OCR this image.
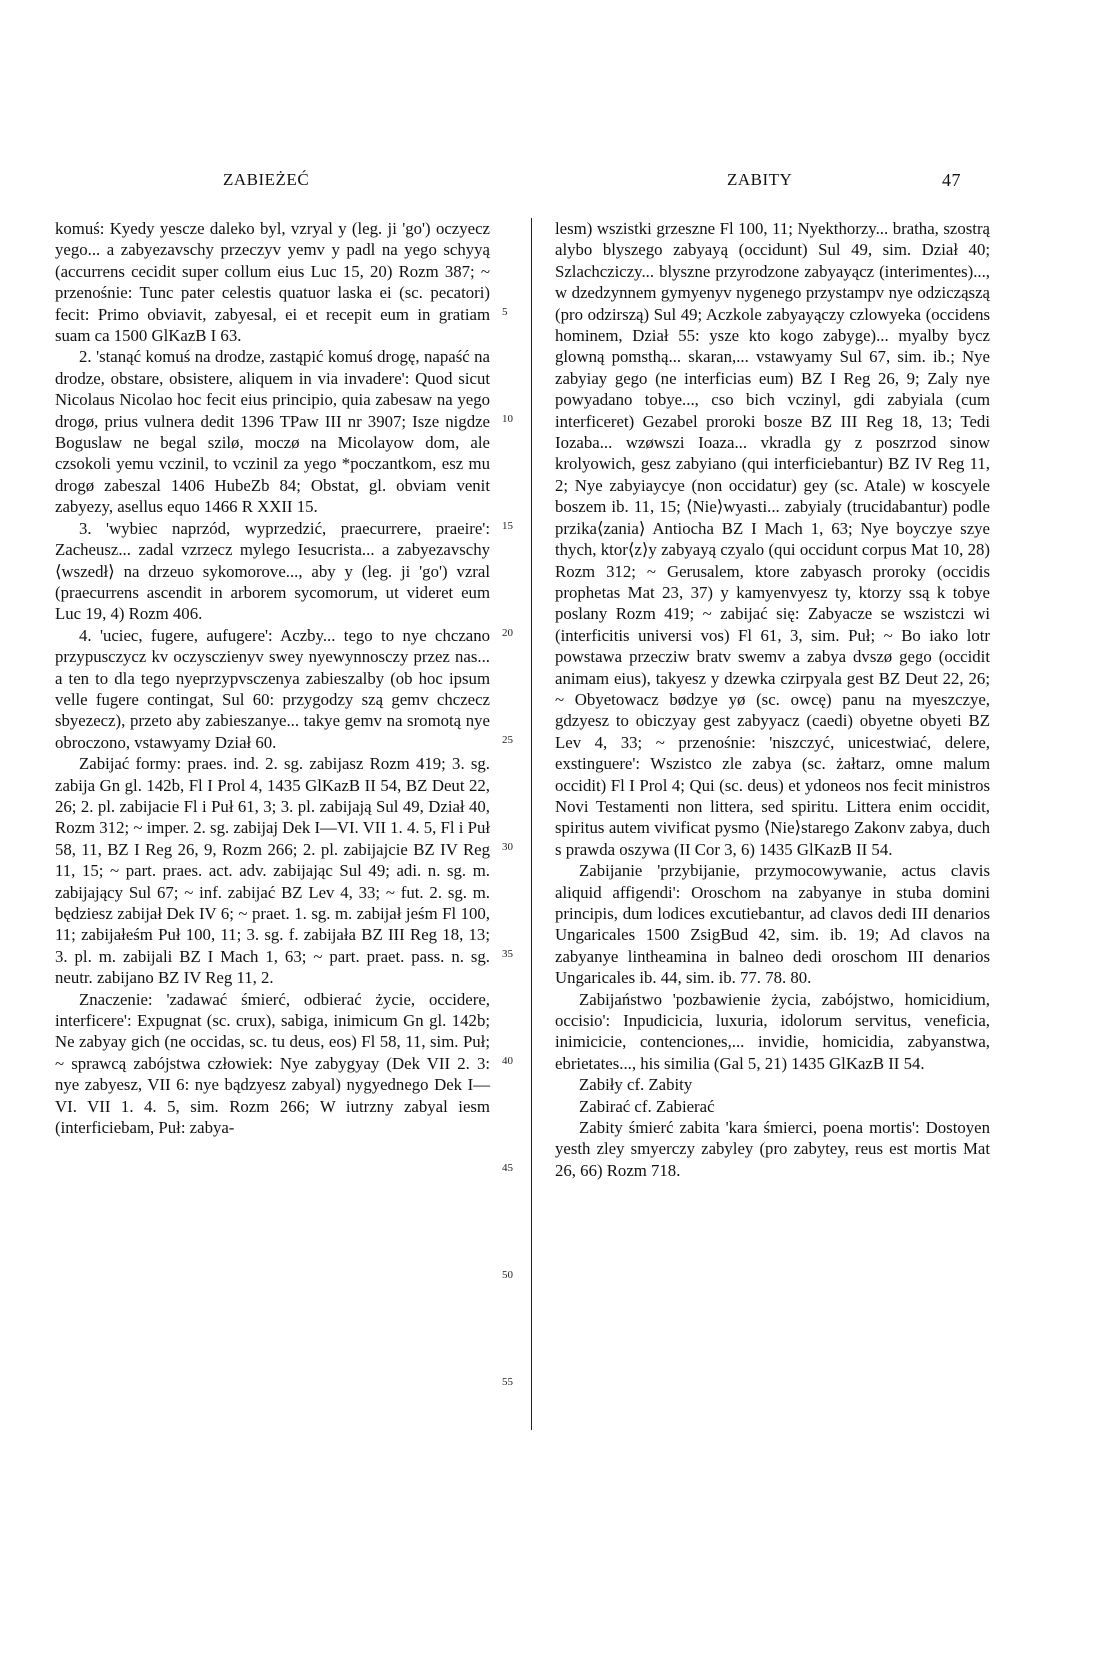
ZABIEŻEĆ	ZABITY	47

komuś: Kyedy yescze daleko byl, vzryal y (leg. ji 'go') oczyecz yego... a zabyezavschy przeczyv yemv y padl na yego schyyą (accurrens cecidit super collum eius Luc 15, 20) Rozm 387; ~ przenośnie: Tunc pater celestis quatuor laska ei (sc. pecatori) fecit: Primo obviavit, zabyesal, ei et recepit eum in gratiam suam ca 1500 GlKazB I 63.

2. 'stanąć komuś na drodze, zastąpić komuś drogę, napaść na drodze, obstare, obsistere, aliquem in via invadere': Quod sicut Nicolaus Nicolao hoc fecit eius principio, quia zabesaw na yego drogø, prius vulnera dedit 1396 TPaw III nr 3907; Isze nigdze Boguslaw ne begal szilø, moczø na Micolayow dom, ale czsokoli yemu vczinil, to vczinil za yego *poczantkom, esz mu drogø zabeszal 1406 HubeZb 84; Obstat, gl. obviam venit zabyezy, asellus equo 1466 R XXII 15.

3. 'wybiec naprzód, wyprzedzić, praecurrere, praeire': Zacheusz... zadal vzrzecz mylego Iesucrista... a zabyezavschy ⟨wszedł⟩ na drzeuo sykomorove..., aby y (leg. ji 'go') vzral (praecurrens ascendit in arborem sycomorum, ut videret eum Luc 19, 4) Rozm 406.

4. 'uciec, fugere, aufugere': Aczby... tego to nye chczano przypusczycz kv oczysczienyv swey nyewynnosczy przez nas... a ten to dla tego nyeprzypvsczenya zabieszalby (ob hoc ipsum velle fugere contingat, Sul 60: przygodzy szą gemv chczecz sbyezecz), przeto aby zabieszanye... takye gemv na sromotą nye obroczono, vstawyamy Dział 60.

Zabijać formy: praes. ind. 2. sg. zabijasz Rozm 419; 3. sg. zabija Gn gl. 142b, Fl I Prol 4, 1435 GlKazB II 54, BZ Deut 22, 26; 2. pl. zabijacie Fl i Puł 61, 3; 3. pl. zabijają Sul 49, Dział 40, Rozm 312; ~ imper. 2. sg. zabijaj Dek I—VI. VII 1. 4. 5, Fl i Puł 58, 11, BZ I Reg 26, 9, Rozm 266; 2. pl. zabijajcie BZ IV Reg 11, 15; ~ part. praes. act. adv. zabijając Sul 49; adi. n. sg. m. zabijający Sul 67; ~ inf. zabijać BZ Lev 4, 33; ~ fut. 2. sg. m. będziesz zabijał Dek IV 6; ~ praet. 1. sg. m. zabijał jeśm Fl 100, 11; zabijałeśm Puł 100, 11; 3. sg. f. zabijała BZ III Reg 18, 13; 3. pl. m. zabijali BZ I Mach 1, 63; ~ part. praet. pass. n. sg. neutr. zabijano BZ IV Reg 11, 2.

Znaczenie: 'zadawać śmierć, odbierać życie, occidere, interficere': Expugnat (sc. crux), sabiga, inimicum Gn gl. 142b; Ne zabyay gich (ne occidas, sc. tu deus, eos) Fl 58, 11, sim. Puł; ~ sprawcą zabójstwa człowiek: Nye zabygyay (Dek VII 2. 3: nye zabyesz, VII 6: nye bądzyesz zabyal) nygyednego Dek I—VI. VII 1. 4. 5, sim. Rozm 266; W iutrzny zabyal iesm (interficiebam, Puł: zabya-

5
10
15
20
25
30
35
40
45
50
55

lesm) wszistki grzeszne Fl 100, 11; Nyekthorzy... bratha, szostrą alybo blyszego zabyayą (occidunt) Sul 49, sim. Dział 40; Szlachcziczy... blyszne przyrodzone zabyayącz (interimentes)..., w dzedzynnem gymyenyv nygenego przystampv nye odzicząszą (pro odzirszą) Sul 49; Aczkole zabyayączy czlowyeka (occidens hominem, Dział 55: ysze kto kogo zabyge)... myalby bycz glowną pomsthą... skaran,... vstawyamy Sul 67, sim. ib.; Nye zabyiay gego (ne interficias eum) BZ I Reg 26, 9; Zaly nye powyadano tobye..., cso bich vczinyl, gdi zabyiala (cum interficeret) Gezabel proroki bosze BZ III Reg 18, 13; Tedi Iozaba... wzøwszi Ioaza... vkradla gy z poszrzod sinow krolyowich, gesz zabyiano (qui interficiebantur) BZ IV Reg 11, 2; Nye zabyiaycye (non occidatur) gey (sc. Atale) w koscyele boszem ib. 11, 15; ⟨Nie⟩wyasti... zabyialy (trucidabantur) podle przika⟨zania⟩ Antiocha BZ I Mach 1, 63; Nye boyczye szye thych, ktor⟨z⟩y zabyayą czyalo (qui occidunt corpus Mat 10, 28) Rozm 312; ~ Gerusalem, ktore zabyasch proroky (occidis prophetas Mat 23, 37) y kamyenvyesz ty, ktorzy ssą k tobye poslany Rozm 419; ~ zabijać się: Zabyacze se wszistczi wi (interficitis universi vos) Fl 61, 3, sim. Puł; ~ Bo iako lotr powstawa przecziw bratv swemv a zabya dvszø gego (occidit animam eius), takyesz y dzewka czirpyala gest BZ Deut 22, 26; ~ Obyetowacz bødzye yø (sc. owcę) panu na myeszczye, gdzyesz to obiczyay gest zabyyacz (caedi) obyetne obyeti BZ Lev 4, 33; ~ przenośnie: 'niszczyć, unicestwiać, delere, exstinguere': Wszistco zle zabya (sc. żałtarz, omne malum occidit) Fl I Prol 4; Qui (sc. deus) et ydoneos nos fecit ministros Novi Testamenti non littera, sed spiritu. Littera enim occidit, spiritus autem vivificat pysmo ⟨Nie⟩starego Zakonv zabya, duch s prawda oszywa (II Cor 3, 6) 1435 GlKazB II 54.

Zabijanie 'przybijanie, przymocowywanie, actus clavis aliquid affigendi': Oroschom na zabyanye in stuba domini principis, dum lodices excutiebantur, ad clavos dedi III denarios Ungaricales 1500 ZsigBud 42, sim. ib. 19; Ad clavos na zabyanye lintheamina in balneo dedi oroschom III denarios Ungaricales ib. 44, sim. ib. 77. 78. 80.

Zabijaństwo 'pozbawienie życia, zabójstwo, homicidium, occisio': Inpudicicia, luxuria, idolorum servitus, veneficia, inimicicie, contenciones,... invidie, homicidia, zabyanstwa, ebrietates..., his similia (Gal 5, 21) 1435 GlKazB II 54.

Zabiły cf. Zabity

Zabirać cf. Zabierać

Zabity śmierć zabita 'kara śmierci, poena mortis': Dostoyen yesth zley smyerczy zabyley (pro zabytey, reus est mortis Mat 26, 66) Rozm 718.
